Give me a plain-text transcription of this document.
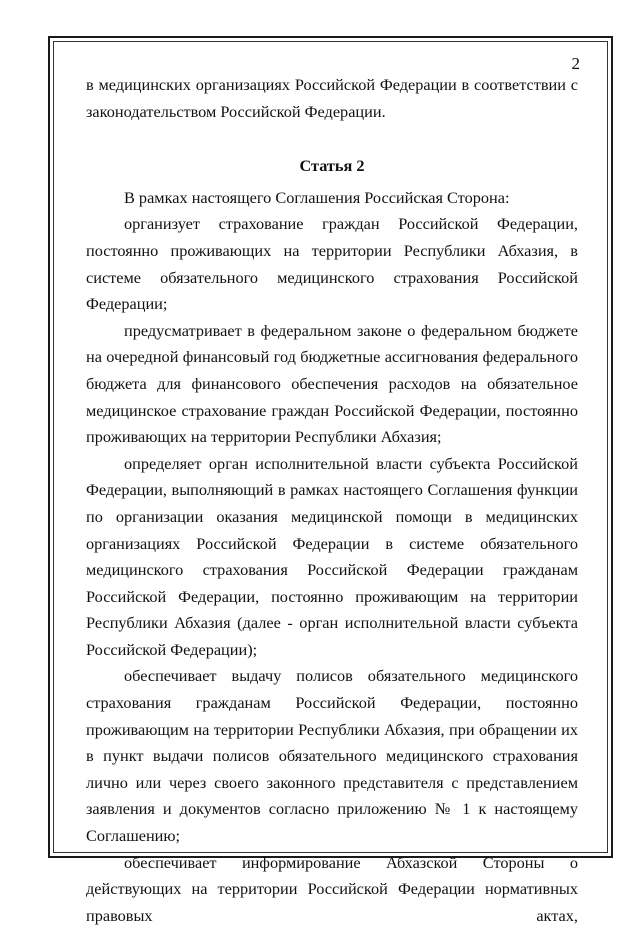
2

в медицинских организациях Российской Федерации в соответствии с законодательством Российской Федерации.

Статья 2

В рамках настоящего Соглашения Российская Сторона:

организует страхование граждан Российской Федерации, постоянно проживающих на территории Республики Абхазия, в системе обязательного медицинского страхования Российской Федерации;

предусматривает в федеральном законе о федеральном бюджете на очередной финансовый год бюджетные ассигнования федерального бюджета для финансового обеспечения расходов на обязательное медицинское страхование граждан Российской Федерации, постоянно проживающих на территории Республики Абхазия;

определяет орган исполнительной власти субъекта Российской Федерации, выполняющий в рамках настоящего Соглашения функции по организации оказания медицинской помощи в медицинских организациях Российской Федерации в системе обязательного медицинского страхования Российской Федерации гражданам Российской Федерации, постоянно проживающим на территории Республики Абхазия (далее - орган исполнительной власти субъекта Российской Федерации);

обеспечивает выдачу полисов обязательного медицинского страхования гражданам Российской Федерации, постоянно проживающим на территории Республики Абхазия, при обращении их в пункт выдачи полисов обязательного медицинского страхования лично или через своего законного представителя с представлением заявления и документов согласно приложению № 1 к настоящему Соглашению;

обеспечивает информирование Абхазской Стороны о действующих на территории Российской Федерации нормативных правовых актах,
